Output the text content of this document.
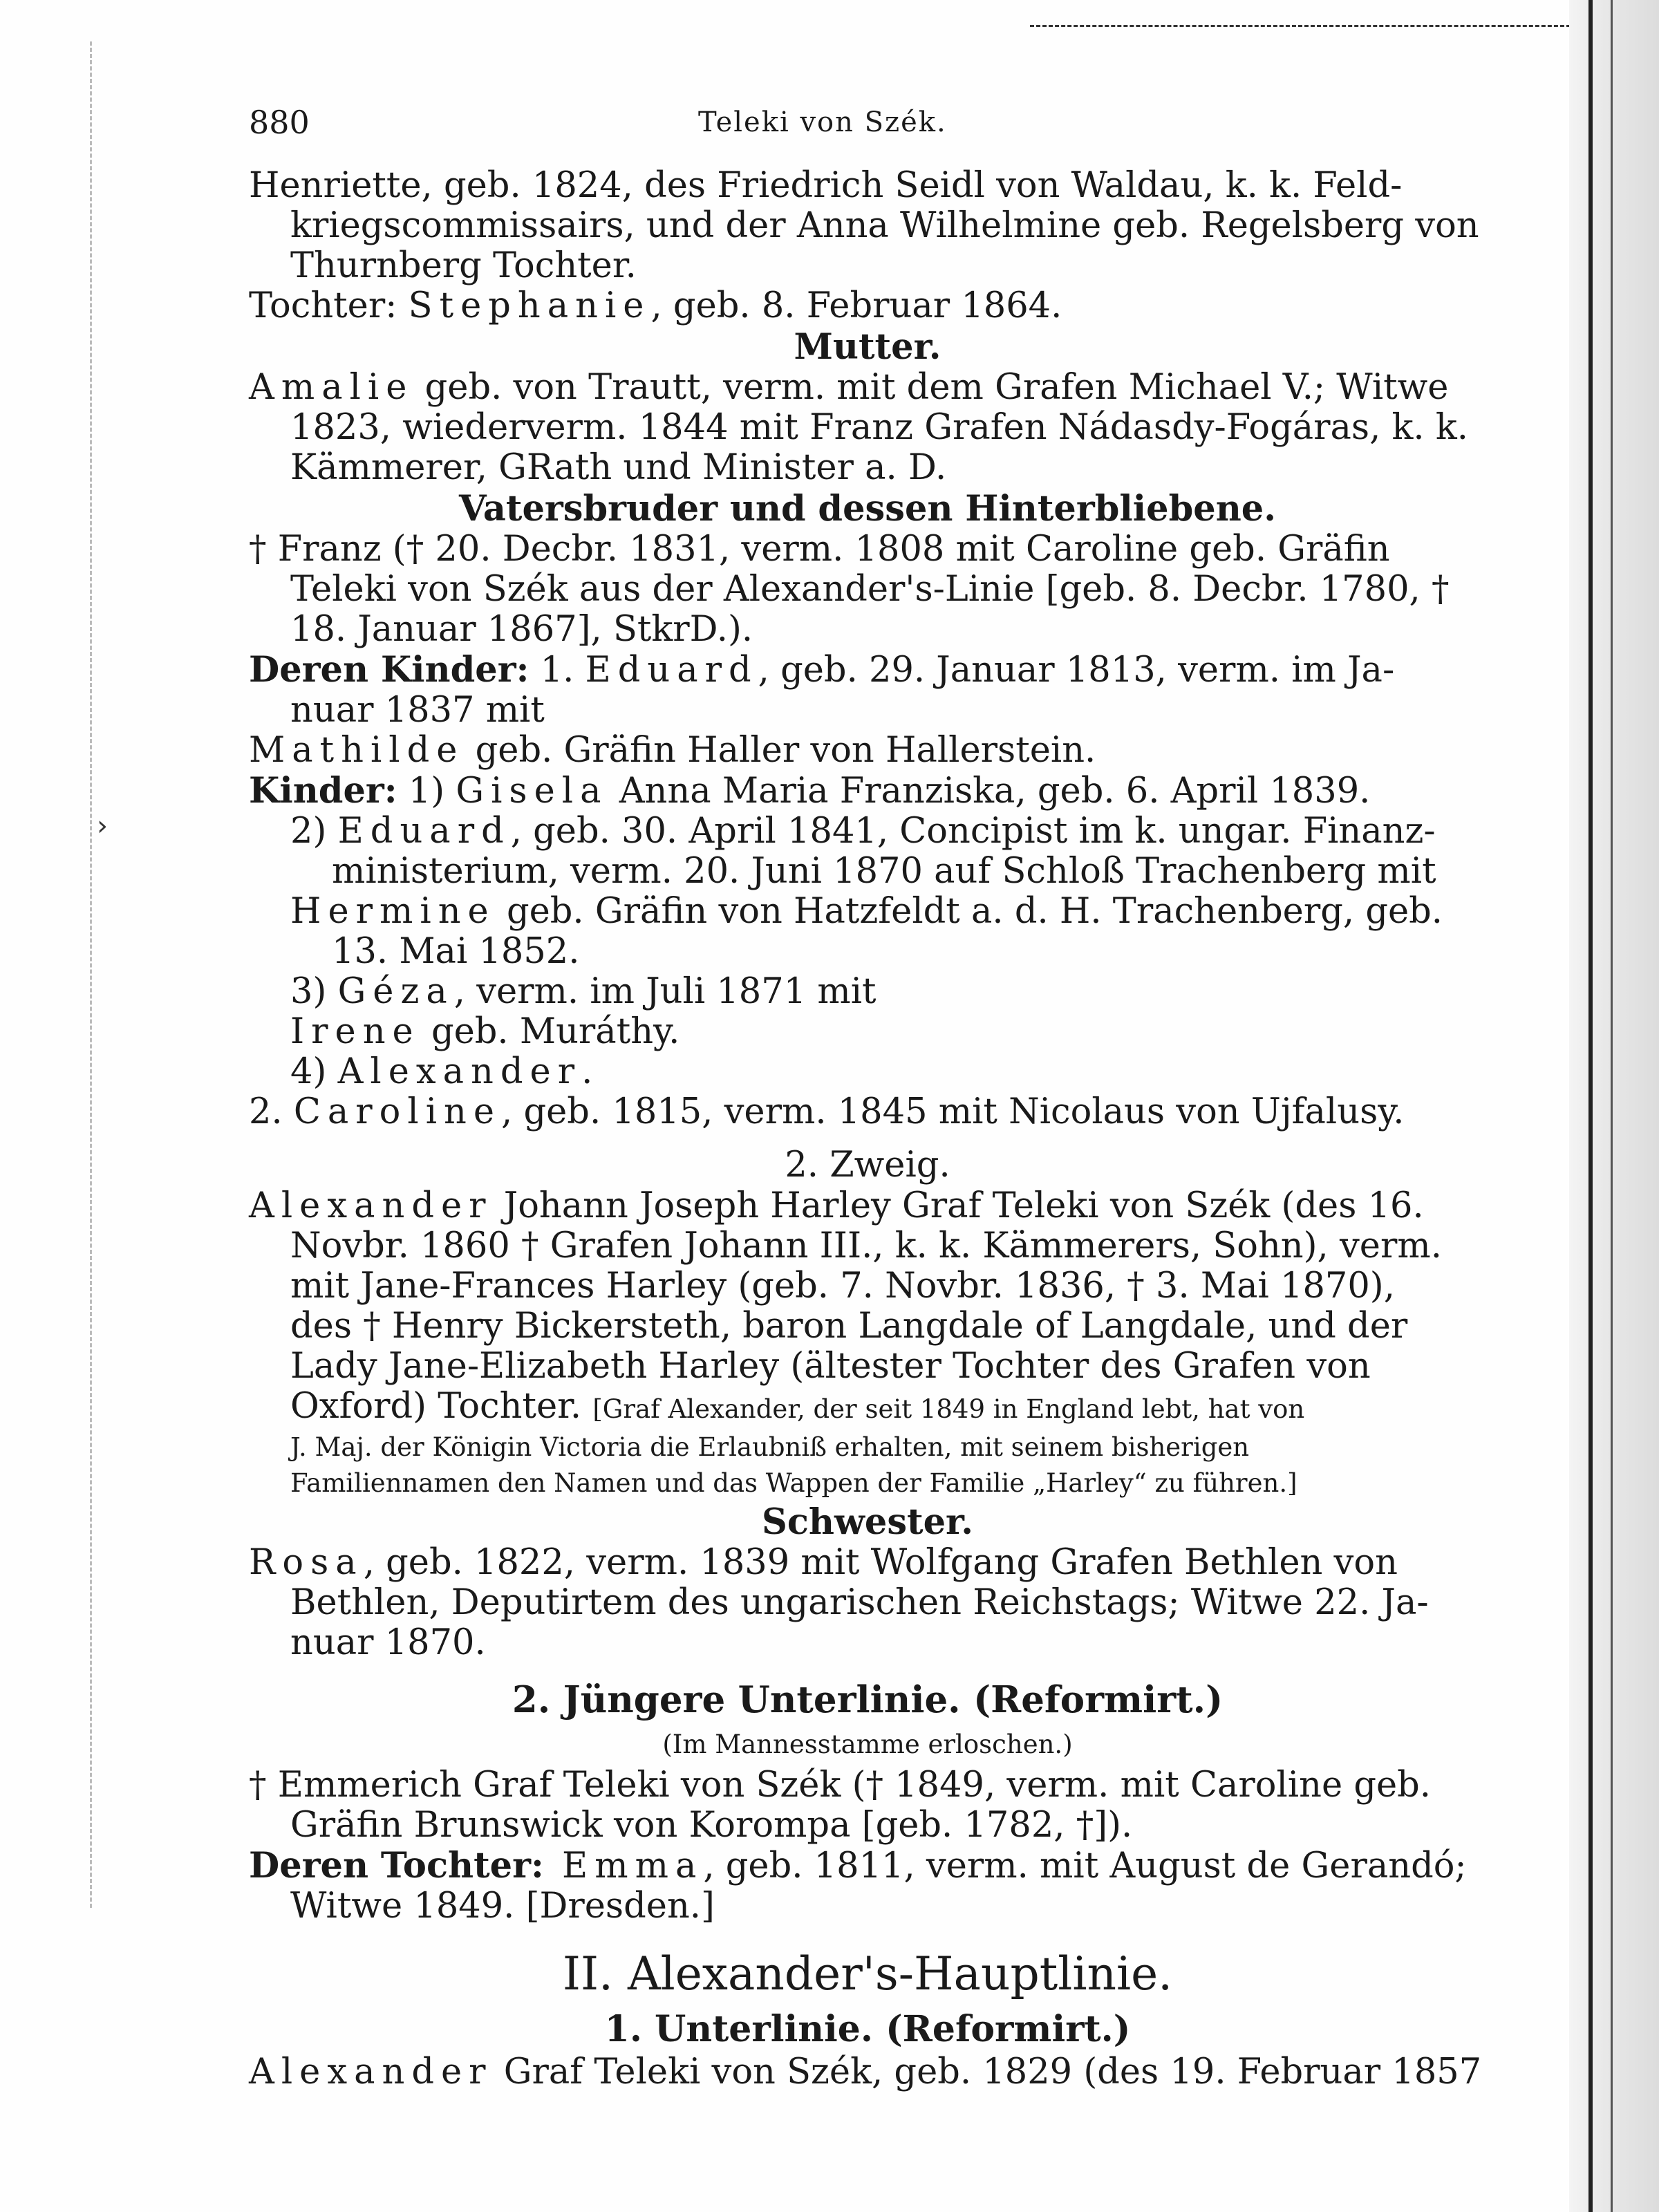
›
880	Teleki von Szék.

Henriette, geb. 1824, des Friedrich Seidl von Waldau, k. k. Feld-
kriegscommissairs, und der Anna Wilhelmine geb. Regelsberg von
Thurnberg Tochter.

Tochter: Stephanie, geb. 8. Februar 1864.

Mutter.

Amalie geb. von Trautt, verm. mit dem Grafen Michael V.; Witwe
1823, wiederverm. 1844 mit Franz Grafen Nádasdy-Fogáras, k. k.
Kämmerer, GRath und Minister a. D.

Vatersbruder und dessen Hinterbliebene.

† Franz († 20. Decbr. 1831, verm. 1808 mit Caroline geb. Gräfin
Teleki von Szék aus der Alexander's-Linie [geb. 8. Decbr. 1780, †
18. Januar 1867], StkrD.).

Deren Kinder: 1. Eduard, geb. 29. Januar 1813, verm. im Ja-
nuar 1837 mit

Mathilde geb. Gräfin Haller von Hallerstein.

Kinder: 1) Gisela Anna Maria Franziska, geb. 6. April 1839.

2) Eduard, geb. 30. April 1841, Concipist im k. ungar. Finanz-
ministerium, verm. 20. Juni 1870 auf Schloß Trachenberg mit

Hermine geb. Gräfin von Hatzfeldt a. d. H. Trachenberg, geb.
13. Mai 1852.

3) Géza, verm. im Juli 1871 mit

Irene geb. Muráthy.

4) Alexander.

2. Caroline, geb. 1815, verm. 1845 mit Nicolaus von Ujfalusy.

2. Zweig.

Alexander Johann Joseph Harley Graf Teleki von Szék (des 16.
Novbr. 1860 † Grafen Johann III., k. k. Kämmerers, Sohn), verm.
mit Jane-Frances Harley (geb. 7. Novbr. 1836, † 3. Mai 1870),
des † Henry Bickersteth, baron Langdale of Langdale, und der
Lady Jane-Elizabeth Harley (ältester Tochter des Grafen von
Oxford) Tochter. [Graf Alexander, der seit 1849 in England lebt, hat von

J. Maj. der Königin Victoria die Erlaubniß erhalten, mit seinem bisherigen
Familiennamen den Namen und das Wappen der Familie „Harley“ zu führen.]

Schwester.

Rosa, geb. 1822, verm. 1839 mit Wolfgang Grafen Bethlen von
Bethlen, Deputirtem des ungarischen Reichstags; Witwe 22. Ja-
nuar 1870.

2. Jüngere Unterlinie. (Reformirt.)

(Im Mannesstamme erloschen.)

† Emmerich Graf Teleki von Szék († 1849, verm. mit Caroline geb.
Gräfin Brunswick von Korompa [geb. 1782, †]).

Deren Tochter: Emma, geb. 1811, verm. mit August de Gerandó;
Witwe 1849. [Dresden.]

II. Alexander's-Hauptlinie.

1. Unterlinie. (Reformirt.)

Alexander Graf Teleki von Szék, geb. 1829 (des 19. Februar 1857
